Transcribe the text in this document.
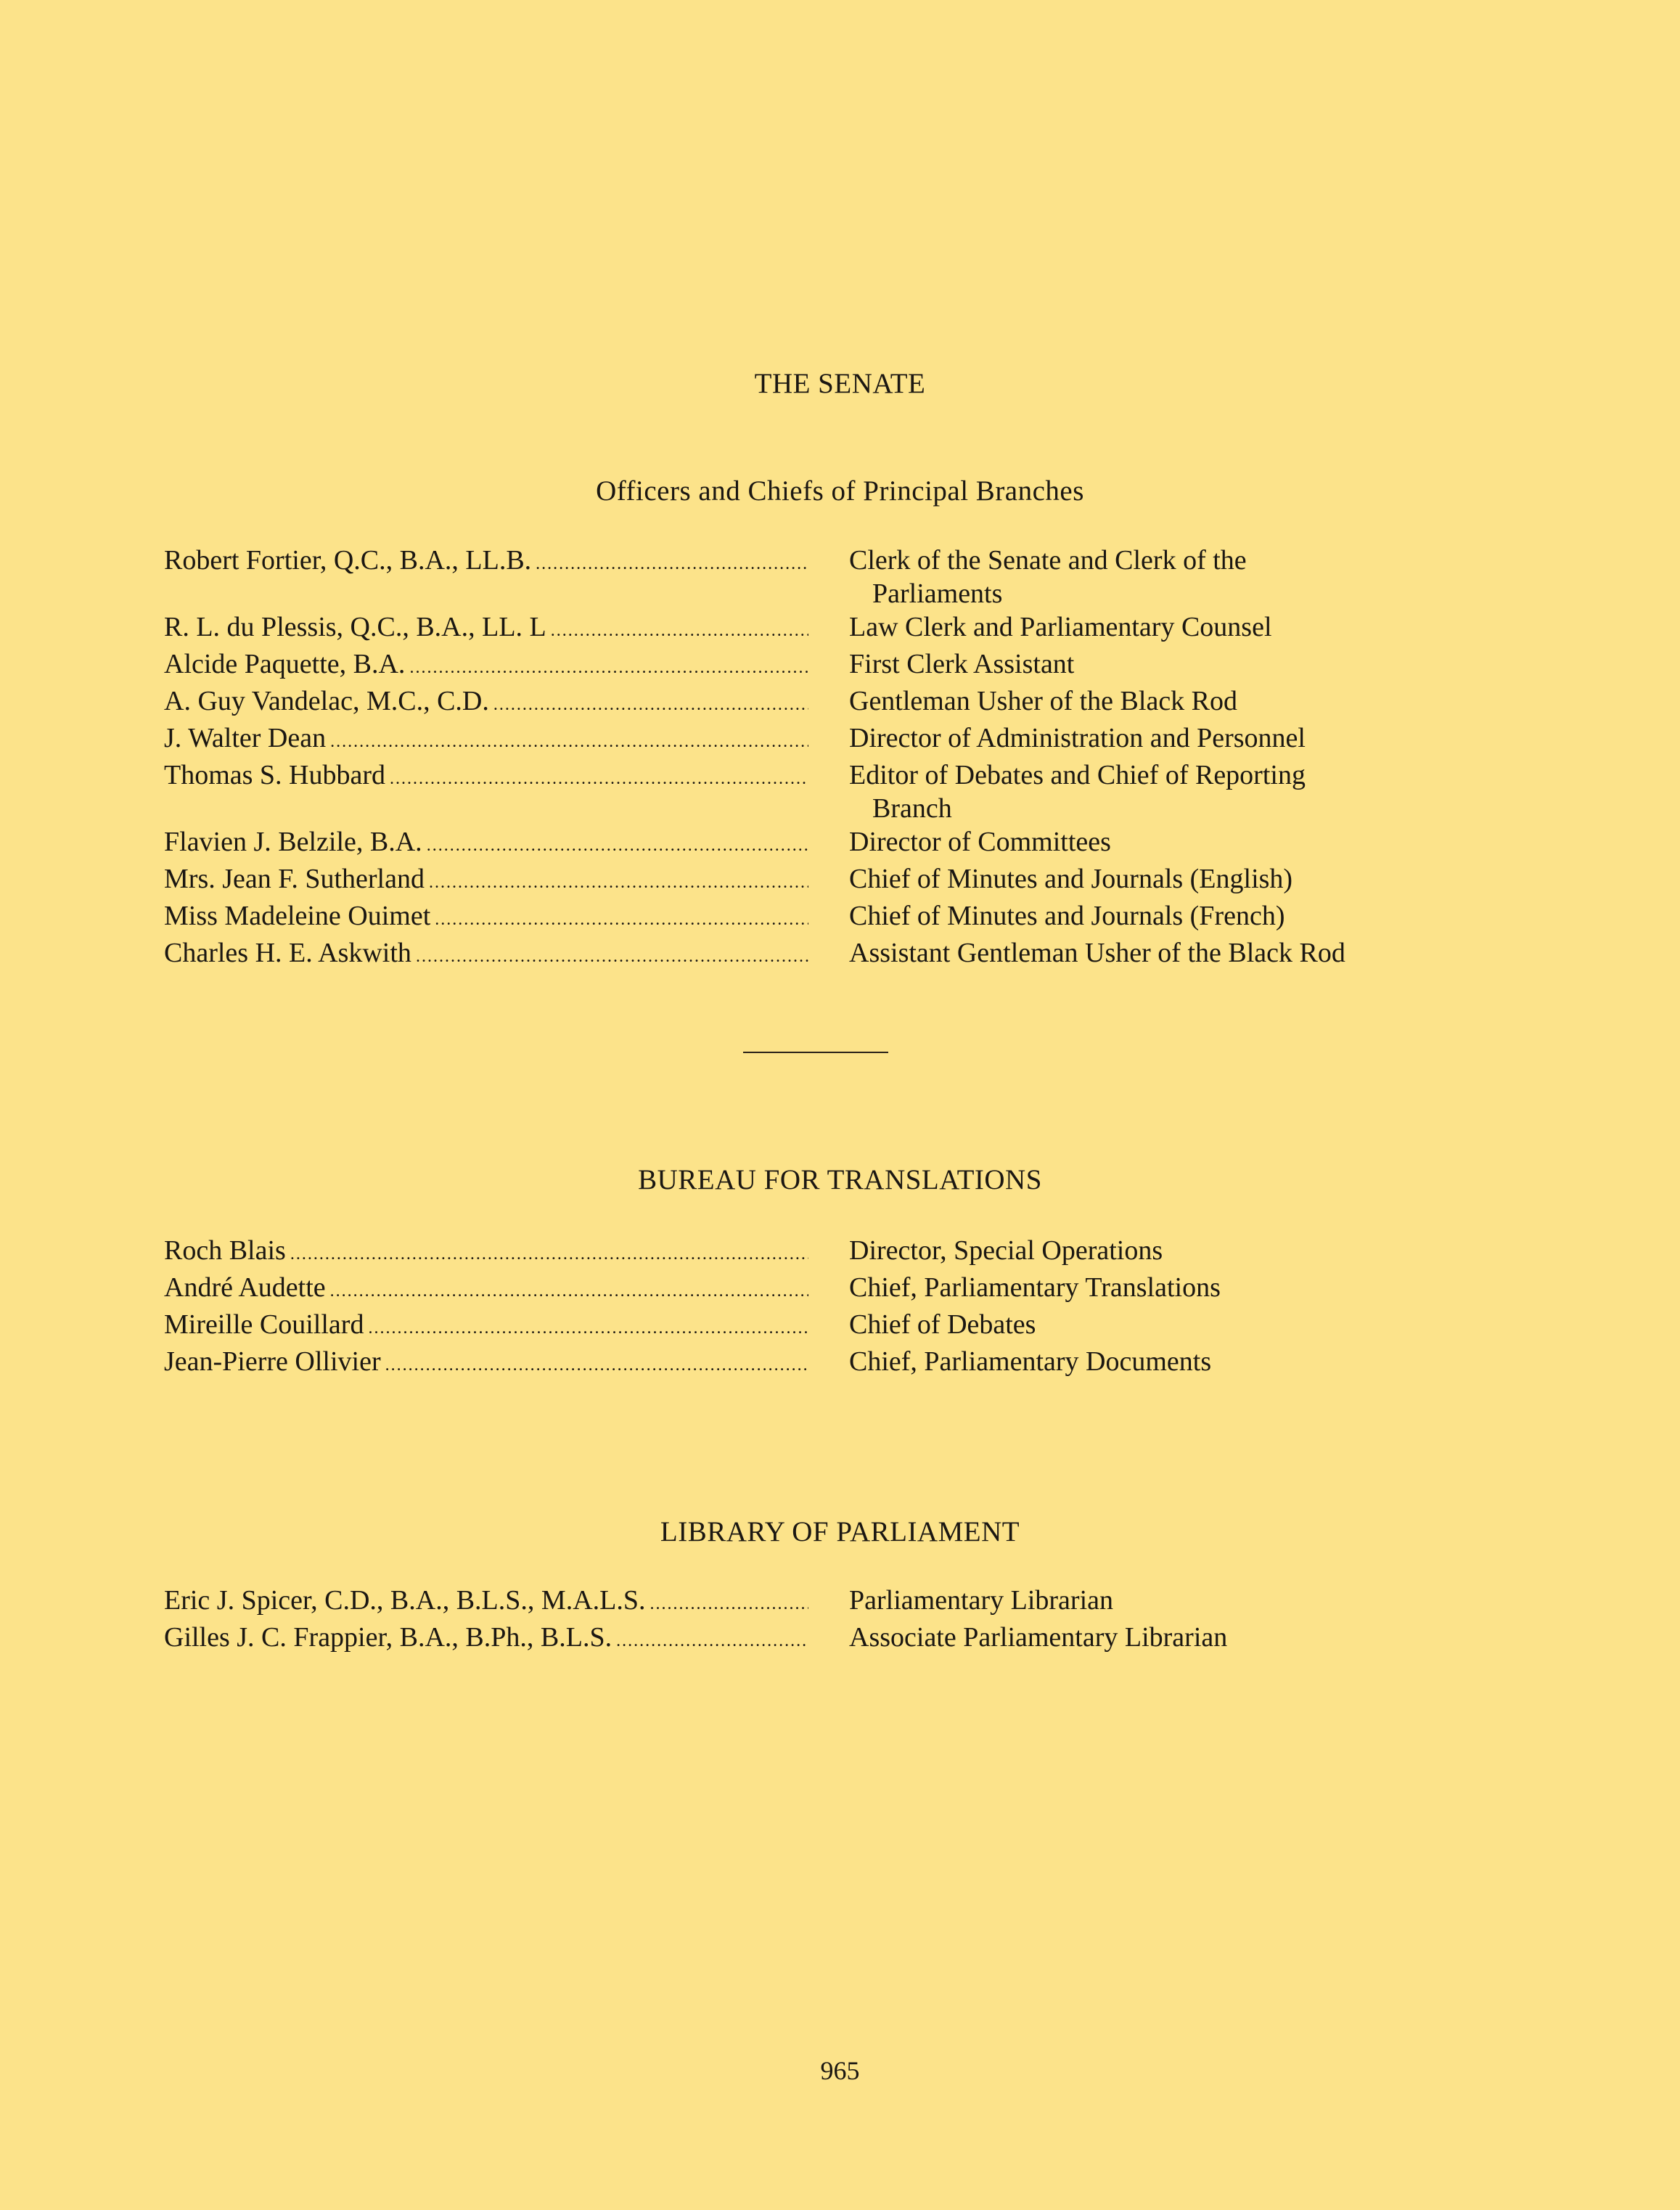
THE SENATE
Officers and Chiefs of Principal Branches
Robert Fortier, Q.C., B.A., LL.B. .....	Clerk of the Senate and Clerk of the
Parliaments
R. L. du Plessis, Q.C., B.A., LL. L .....	Law Clerk and Parliamentary Counsel
Alcide Paquette, B.A. .....	First Clerk Assistant
A. Guy Vandelac, M.C., C.D. .....	Gentleman Usher of the Black Rod
J. Walter Dean .....	Director of Administration and Personnel
Thomas S. Hubbard .....	Editor of Debates and Chief of Reporting
Branch
Flavien J. Belzile, B.A. .....	Director of Committees
Mrs. Jean F. Sutherland .....	Chief of Minutes and Journals (English)
Miss Madeleine Ouimet .....	Chief of Minutes and Journals (French)
Charles H. E. Askwith .....	Assistant Gentleman Usher of the Black Rod
BUREAU FOR TRANSLATIONS
Roch Blais .....	Director, Special Operations
André Audette .....	Chief, Parliamentary Translations
Mireille Couillard .....	Chief of Debates
Jean-Pierre Ollivier .....	Chief, Parliamentary Documents
LIBRARY OF PARLIAMENT
Eric J. Spicer, C.D., B.A., B.L.S., M.A.L.S. .....	Parliamentary Librarian
Gilles J. C. Frappier, B.A., B.Ph., B.L.S. .....	Associate Parliamentary Librarian
965
